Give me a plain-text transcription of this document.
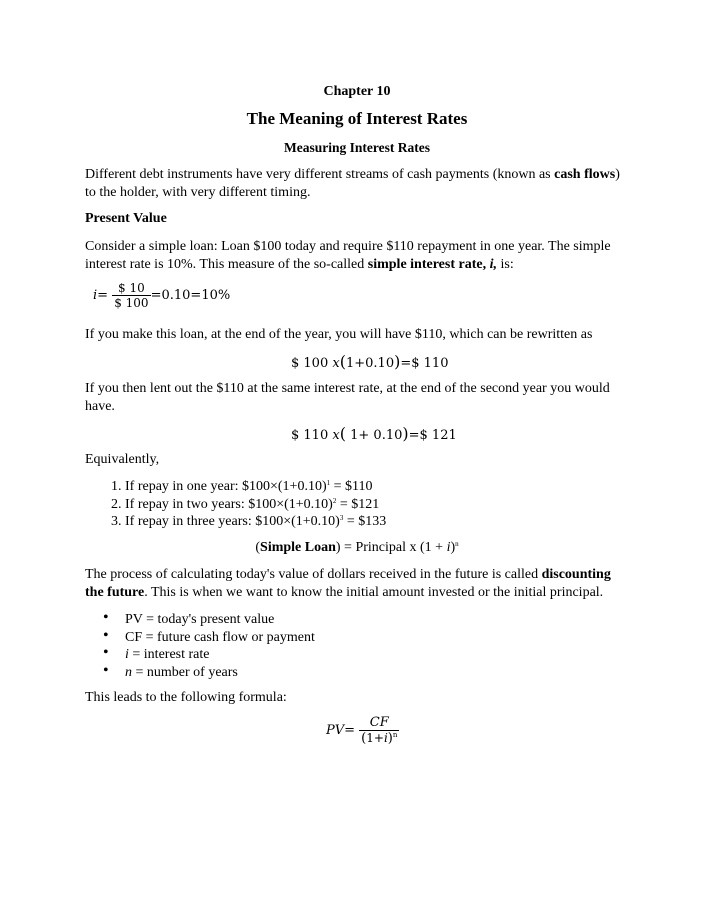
Chapter 10
The Meaning of Interest Rates
Measuring Interest Rates
Different debt instruments have very different streams of cash payments (known as cash flows) to the holder, with very different timing.
Present Value
Consider a simple loan: Loan $100 today and require $110 repayment in one year. The simple interest rate is 10%. This measure of the so-called simple interest rate, i, is:
$i= \frac{\$ 10}{\$ 100} =0.10=10\%$
If you make this loan, at the end of the year, you will have $110, which can be rewritten as
$ 100 x(1+0.10)=$ 110
If you then lent out the $110 at the same interest rate, at the end of the second year you would have.
$ 110 x( 1+ 0.10)=$ 121
Equivalently,
1. If repay in one year: $\$100\times(1+0.10)^1$ = $110
2. If repay in two years: $\$100\times(1+0.10)^2$ = $121
3. If repay in three years: $\$100\times(1+0.10)^3$ = $133
(Simple Loan) = Principal x $(1 + i)^n$
The process of calculating today's value of dollars received in the future is called discounting the future. This is when we want to know the initial amount invested or the initial principal.
• PV = today's present value
• CF = future cash flow or payment
• i = interest rate
• n = number of years
This leads to the following formula:
$PV= \frac{CF}{(1+i)^n}$
